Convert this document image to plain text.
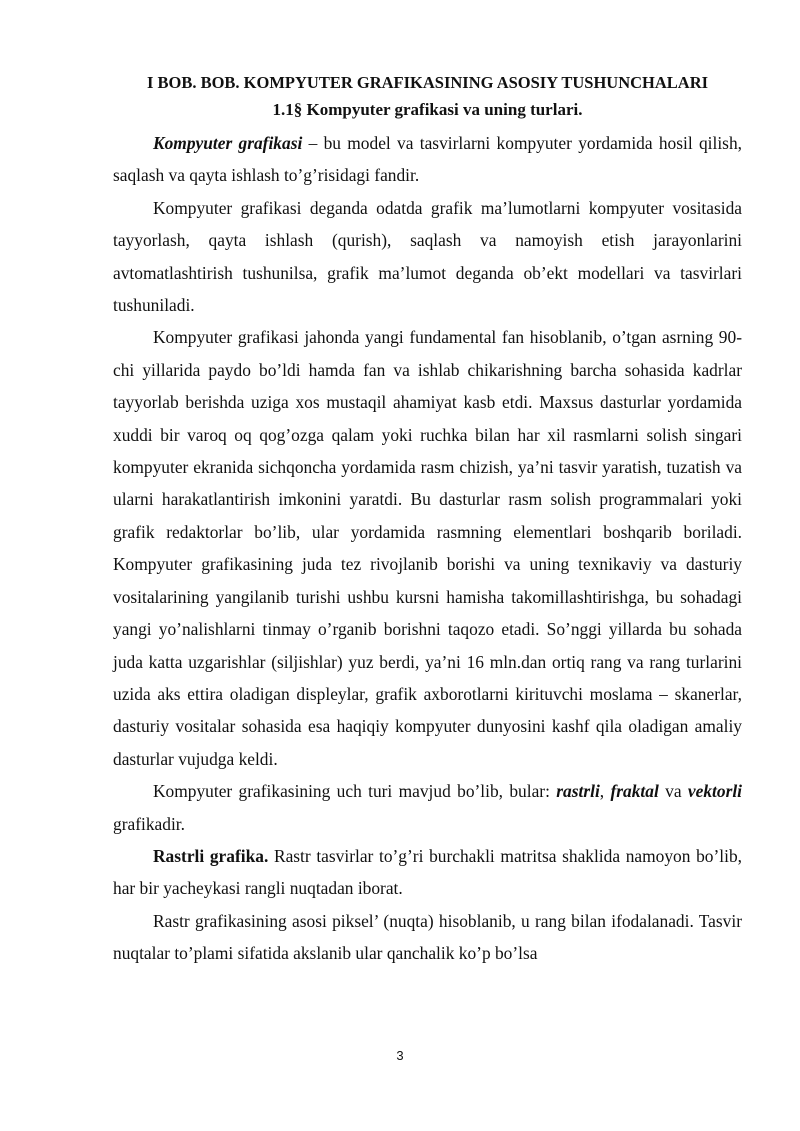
I BOB. BOB. KOMPYUTER GRAFIKASINING ASOSIY TUSHUNCHALARI
1.1§ Kompyuter grafikasi va uning turlari.

Kompyuter grafikasi – bu model va tasvirlarni kompyuter yordamida hosil qilish, saqlash va qayta ishlash to’g’risidagi fandir.

Kompyuter grafikasi deganda odatda grafik ma’lumotlarni kompyuter vositasida tayyorlash, qayta ishlash (qurish), saqlash va namoyish etish jarayonlarini avtomatlashtirish tushunilsa, grafik ma’lumot deganda ob’ekt modellari va tasvirlari tushuniladi.

Kompyuter grafikasi jahonda yangi fundamental fan hisoblanib, o’tgan asrning 90-chi yillarida paydo bo’ldi hamda fan va ishlab chikarishning barcha sohasida kadrlar tayyorlab berishda uziga xos mustaqil ahamiyat kasb etdi. Maxsus dasturlar yordamida xuddi bir varoq oq qog’ozga qalam yoki ruchka bilan har xil rasmlarni solish singari kompyuter ekranida sichqoncha yordamida rasm chizish, ya’ni tasvir yaratish, tuzatish va ularni harakatlantirish imkonini yaratdi. Bu dasturlar rasm solish programmalari yoki grafik redaktorlar bo’lib, ular yordamida rasmning elementlari boshqarib boriladi. Kompyuter grafikasining juda tez rivojlanib borishi va uning texnikaviy va dasturiy vositalarining yangilanib turishi ushbu kursni hamisha takomillashtirishga, bu sohadagi yangi yo’nalishlarni tinmay o’rganib borishni taqozo etadi. So’nggi yillarda bu sohada juda katta uzgarishlar (siljishlar) yuz berdi, ya’ni 16 mln.dan ortiq rang va rang turlarini uzida aks ettira oladigan displeylar, grafik axborotlarni kirituvchi moslama – skanerlar, dasturiy vositalar sohasida esa haqiqiy kompyuter dunyosini kashf qila oladigan amaliy dasturlar vujudga keldi.

Kompyuter grafikasining uch turi mavjud bo’lib, bular: rastrli, fraktal va vektorli grafikadir.

Rastrli grafika. Rastr tasvirlar to’g’ri burchakli matritsa shaklida namoyon bo’lib, har bir yacheykasi rangli nuqtadan iborat.

Rastr grafikasining asosi piksel’ (nuqta) hisoblanib, u rang bilan ifodalanadi. Tasvir nuqtalar to’plami sifatida akslanib ular qanchalik ko’p bo’lsa

3
